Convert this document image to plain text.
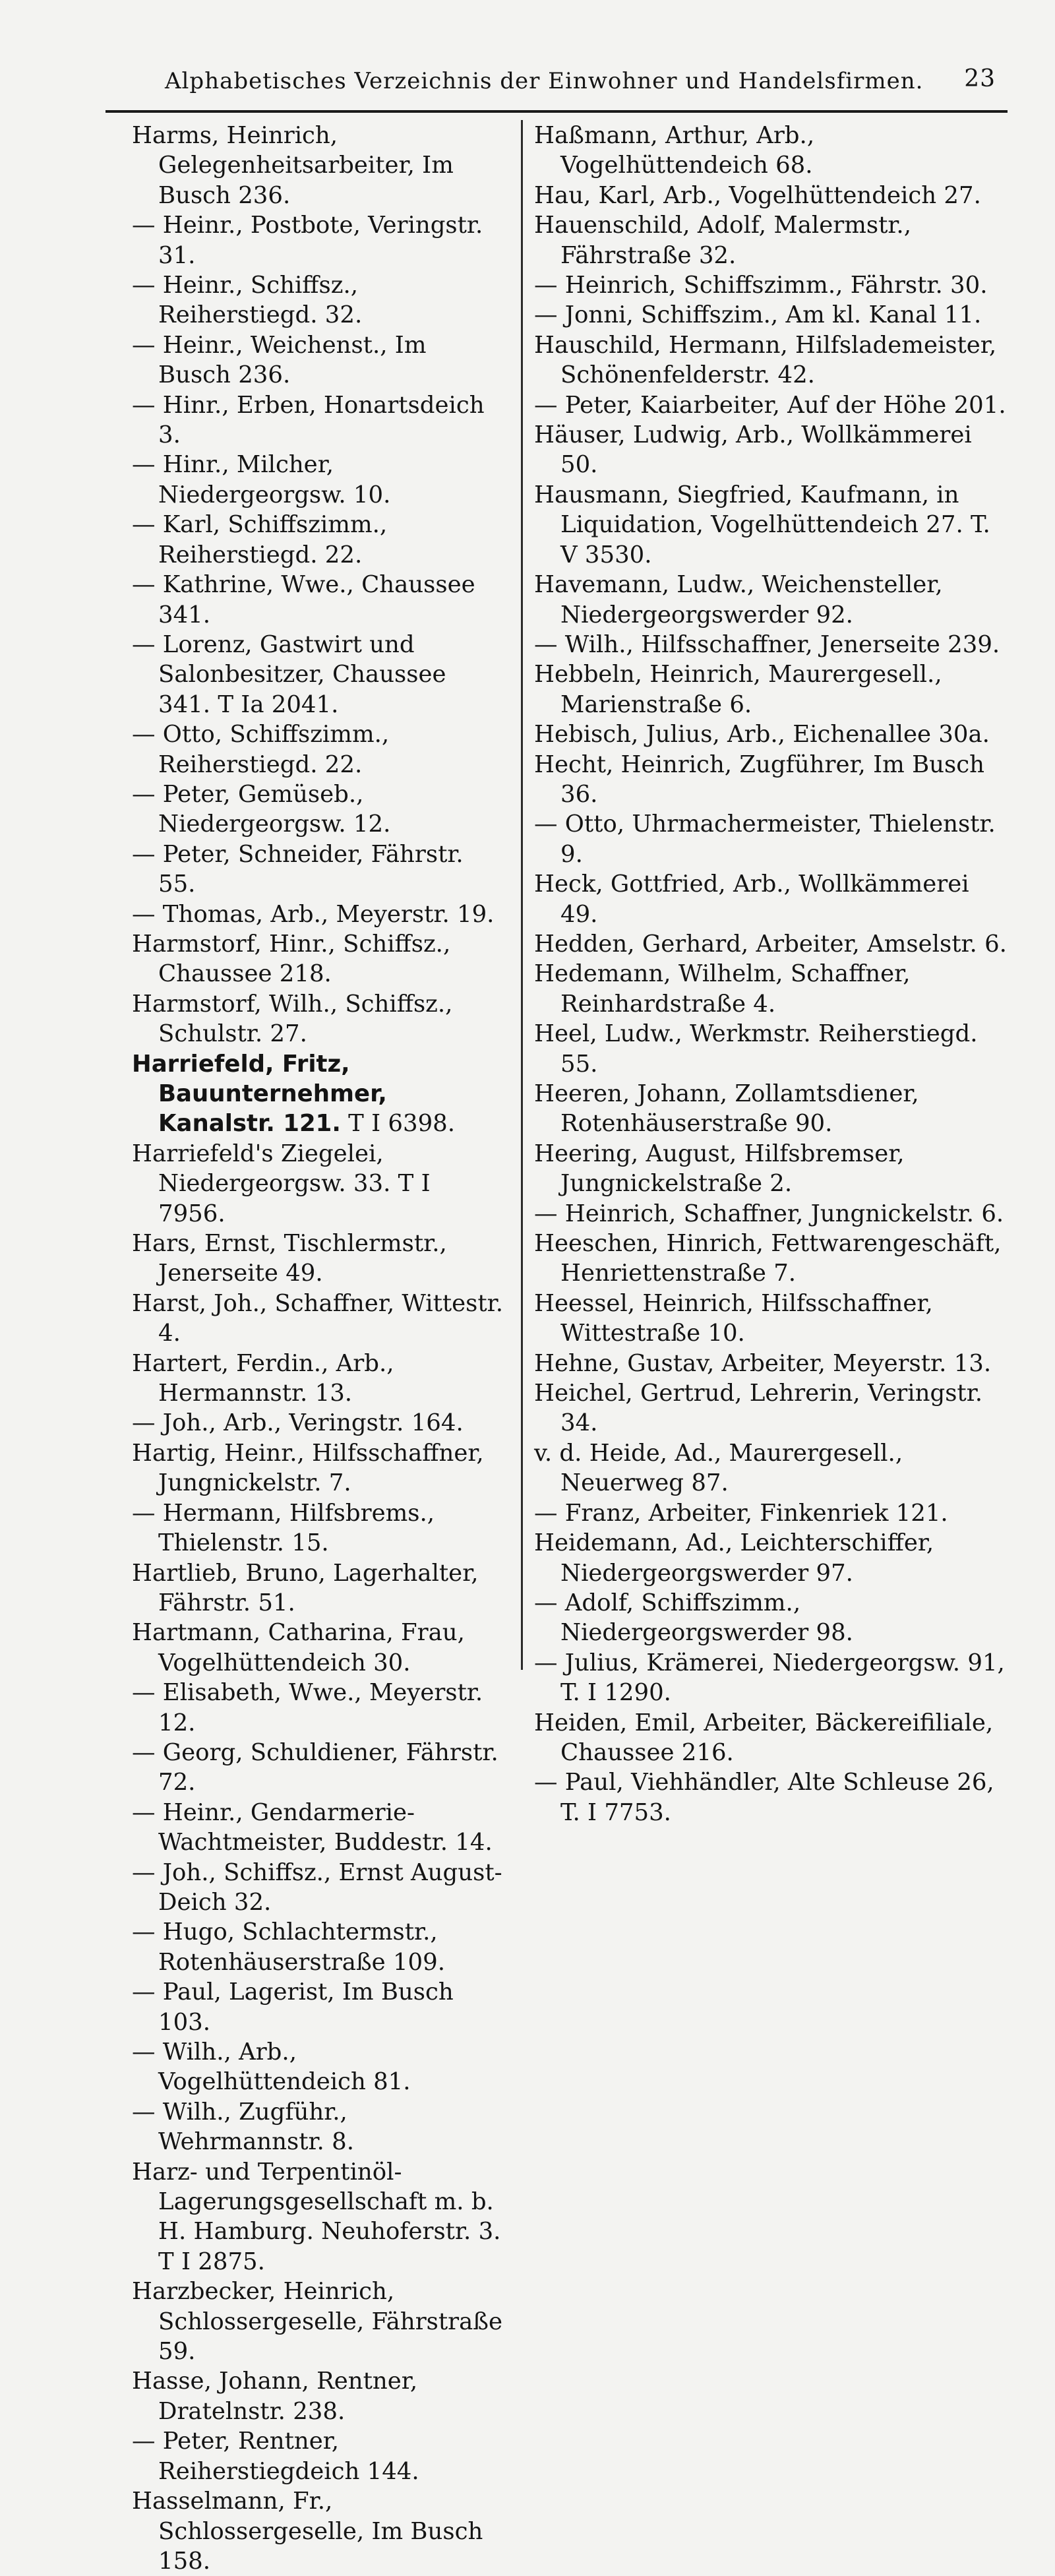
Alphabetisches Verzeichnis der Einwohner und Handelsfirmen. 23
Harms, Heinrich, Gelegenheitsarbeiter, Im Busch 236.
— Heinr., Postbote, Veringstr. 31.
— Heinr., Schiffsz., Reiherstiegd. 32.
— Heinr., Weichenst., Im Busch 236.
— Hinr., Erben, Honartsdeich 3.
— Hinr., Milcher, Niedergeorgsw. 10.
— Karl, Schiffszimm., Reiherstiegd. 22.
— Kathrine, Wwe., Chaussee 341.
— Lorenz, Gastwirt und Salonbesitzer, Chaussee 341. T Ia 2041.
— Otto, Schiffszimm., Reiherstiegd. 22.
— Peter, Gemüseb., Niedergeorgsw. 12.
— Peter, Schneider, Fährstr. 55.
— Thomas, Arb., Meyerstr. 19.
Harmstorf, Hinr., Schiffsz., Chaussee 218.
Harmstorf, Wilh., Schiffsz., Schulstr. 27.
Harriefeld, Fritz, Bauunternehmer, Kanalstr. 121. T I 6398.
Harriefeld's Ziegelei, Niedergeorgsw. 33. T I 7956.
Hars, Ernst, Tischlermstr., Jenerseite 49.
Harst, Joh., Schaffner, Wittestr. 4.
Hartert, Ferdin., Arb., Hermannstr. 13.
— Joh., Arb., Veringstr. 164.
Hartig, Heinr., Hilfsschaffner, Jungnickelstr. 7.
— Hermann, Hilfsbrems., Thielenstr. 15.
Hartlieb, Bruno, Lagerhalter, Fährstr. 51.
Hartmann, Catharina, Frau, Vogelhüttendeich 30.
— Elisabeth, Wwe., Meyerstr. 12.
— Georg, Schuldiener, Fährstr. 72.
— Heinr., Gendarmerie-Wachtmeister, Buddestr. 14.
— Joh., Schiffsz., Ernst August-Deich 32.
— Hugo, Schlachtermstr., Rotenhäuserstraße 109.
— Paul, Lagerist, Im Busch 103.
— Wilh., Arb., Vogelhüttendeich 81.
— Wilh., Zugführ., Wehrmannstr. 8.
Harz- und Terpentinöl-Lagerungsgesellschaft m. b. H. Hamburg. Neuhoferstr. 3. T I 2875.
Harzbecker, Heinrich, Schlossergeselle, Fährstraße 59.
Hasse, Johann, Rentner, Dratelnstr. 238.
— Peter, Rentner, Reiherstiegdeich 144.
Hasselmann, Fr., Schlossergeselle, Im Busch 158.
Haßmann, Arthur, Arb., Vogelhüttendeich 68.
Hau, Karl, Arb., Vogelhüttendeich 27.
Hauenschild, Adolf, Malermstr., Fährstraße 32.
— Heinrich, Schiffszimm., Fährstr. 30.
— Jonni, Schiffszim., Am kl. Kanal 11.
Hauschild, Hermann, Hilfslademeister, Schönenfelderstr. 42.
— Peter, Kaiarbeiter, Auf der Höhe 201.
Häuser, Ludwig, Arb., Wollkämmerei 50.
Hausmann, Siegfried, Kaufmann, in Liquidation, Vogelhüttendeich 27. T. V 3530.
Havemann, Ludw., Weichensteller, Niedergeorgswerder 92.
— Wilh., Hilfsschaffner, Jenerseite 239.
Hebbeln, Heinrich, Maurergesell., Marienstraße 6.
Hebisch, Julius, Arb., Eichenallee 30a.
Hecht, Heinrich, Zugführer, Im Busch 36.
— Otto, Uhrmachermeister, Thielenstr. 9.
Heck, Gottfried, Arb., Wollkämmerei 49.
Hedden, Gerhard, Arbeiter, Amselstr. 6.
Hedemann, Wilhelm, Schaffner, Reinhardstraße 4.
Heel, Ludw., Werkmstr. Reiherstiegd. 55.
Heeren, Johann, Zollamtsdiener, Rotenhäuserstraße 90.
Heering, August, Hilfsbremser, Jungnickelstraße 2.
— Heinrich, Schaffner, Jungnickelstr. 6.
Heeschen, Hinrich, Fettwarengeschäft, Henriettenstraße 7.
Heessel, Heinrich, Hilfsschaffner, Wittestraße 10.
Hehne, Gustav, Arbeiter, Meyerstr. 13.
Heichel, Gertrud, Lehrerin, Veringstr. 34.
v. d. Heide, Ad., Maurergesell., Neuerweg 87.
— Franz, Arbeiter, Finkenriek 121.
Heidemann, Ad., Leichterschiffer, Niedergeorgswerder 97.
— Adolf, Schiffszimm., Niedergeorgswerder 98.
— Julius, Krämerei, Niedergeorgsw. 91, T. I 1290.
Heiden, Emil, Arbeiter, Bäckereifiliale, Chaussee 216.
— Paul, Viehhändler, Alte Schleuse 26, T. I 7753.
